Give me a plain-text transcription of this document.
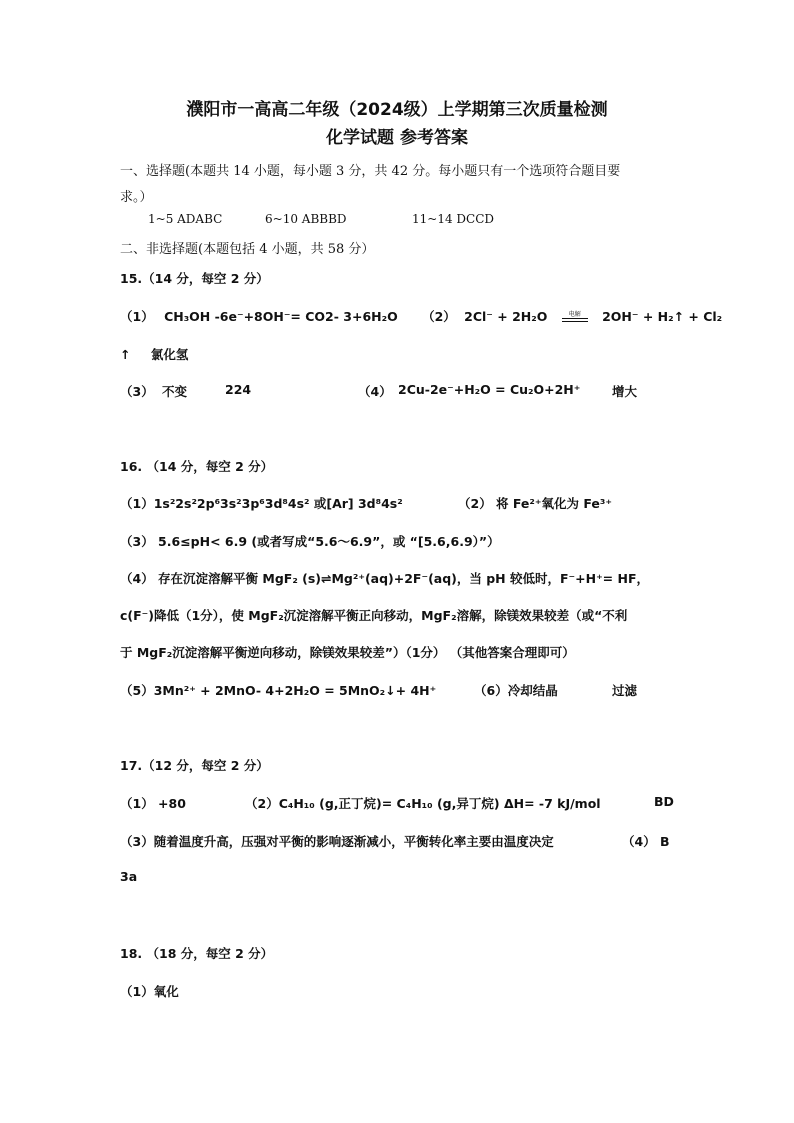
濮阳市一高高二年级（2024级）上学期第三次质量检测
化学试题 参考答案
一、选择题(本题共 14 小题，每小题 3 分，共 42 分。每小题只有一个选项符合题目要
求。）
1~5 ADABC	6~10 ABBBD	11~14 DCCD
二、非选择题(本题包括 4 小题，共 58 分）
15.（14 分，每空 2 分）
（1） CH₃OH -6e⁻+8OH⁻= CO2- 3+6H₂O （2） 2Cl⁻ + 2H₂O	电解	2OH⁻ + H₂↑ + Cl₂
↑ 氯化氢
（3） 不变	224	（4） 2Cu-2e⁻+H₂O = Cu₂O+2H⁺	增大
16. （14 分，每空 2 分）
（1）1s²2s²2p⁶3s²3p⁶3d⁸4s² 或[Ar] 3d⁸4s²	（2） 将 Fe²⁺氧化为 Fe³⁺
（3） 5.6≤pH< 6.9 (或者写成“5.6～6.9”，或 “[5.6,6.9）”）
（4） 存在沉淀溶解平衡 MgF₂ (s)⇌Mg²⁺(aq)+2F⁻(aq)，当 pH 较低时，F⁻+H⁺= HF，
c(F⁻)降低（1分），使 MgF₂沉淀溶解平衡正向移动，MgF₂溶解，除镁效果较差（或“不利
于 MgF₂沉淀溶解平衡逆向移动，除镁效果较差”）（1分） （其他答案合理即可）
（5）3Mn²⁺ + 2MnO- 4+2H₂O = 5MnO₂↓+ 4H⁺	（6）冷却结晶	过滤
17.（12 分，每空 2 分）
（1） +80	（2）C₄H₁₀ (g,正丁烷)= C₄H₁₀ (g,异丁烷) ΔH= -7 kJ/mol	BD
（3）随着温度升高，压强对平衡的影响逐渐减小，平衡转化率主要由温度决定	（4） B
3a
18. （18 分，每空 2 分）
（1）氧化
